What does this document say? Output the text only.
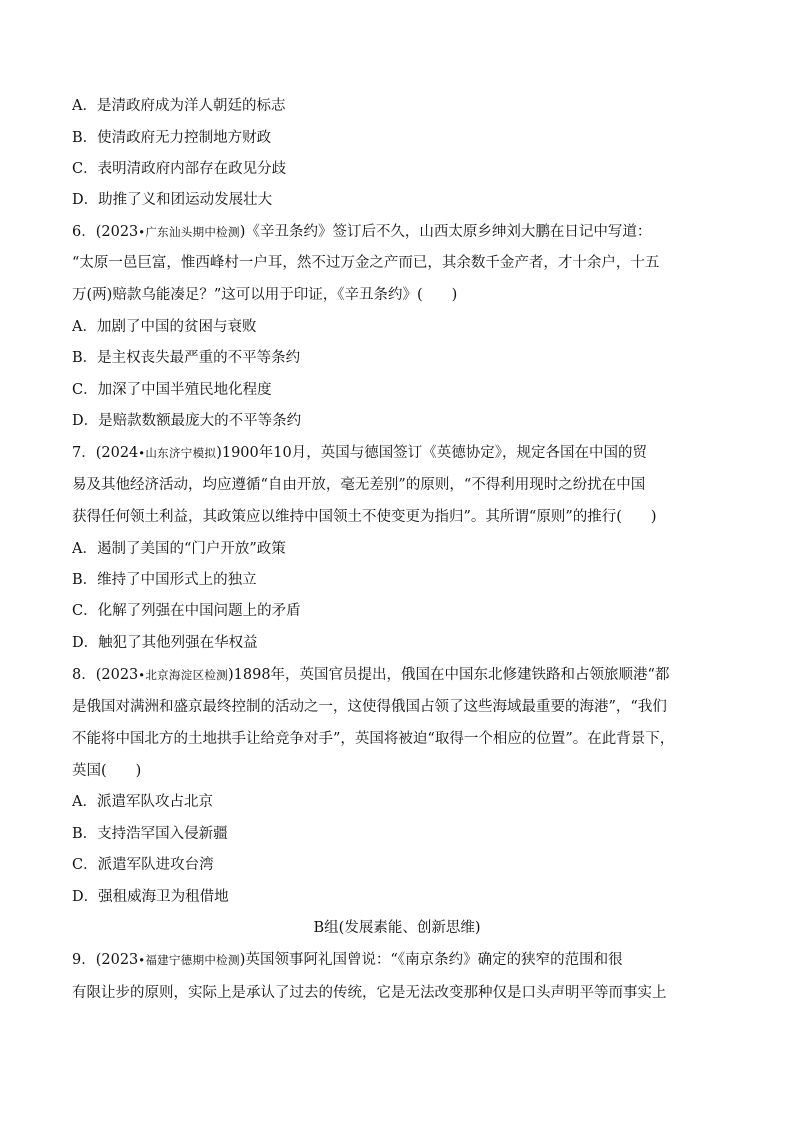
A．是清政府成为洋人朝廷的标志
B．使清政府无力控制地方财政
C．表明清政府内部存在政见分歧
D．助推了义和团运动发展壮大
6．(2023•广东汕头期中检测)《辛丑条约》签订后不久，山西太原乡绅刘大鹏在日记中写道：
“太原一邑巨富，惟西峰村一户耳，然不过万金之产而已，其余数千金产者，才十余户，十五
万(两)赔款乌能凑足？”这可以用于印证，《辛丑条约》(　　)
A．加剧了中国的贫困与衰败
B．是主权丧失最严重的不平等条约
C．加深了中国半殖民地化程度
D．是赔款数额最庞大的不平等条约
7．(2024•山东济宁模拟)1900年10月，英国与德国签订《英德协定》，规定各国在中国的贸
易及其他经济活动，均应遵循“自由开放，毫无差别”的原则，“不得利用现时之纷扰在中国
获得任何领土利益，其政策应以维持中国领土不使变更为指归”。其所谓“原则”的推行(　　)
A．遏制了美国的“门户开放”政策
B．维持了中国形式上的独立
C．化解了列强在中国问题上的矛盾
D．触犯了其他列强在华权益
8．(2023•北京海淀区检测)1898年，英国官员提出，俄国在中国东北修建铁路和占领旅顺港“都
是俄国对满洲和盛京最终控制的活动之一，这使得俄国占领了这些海域最重要的海港”，“我们
不能将中国北方的土地拱手让给竞争对手”，英国将被迫“取得一个相应的位置”。在此背景下，
英国(　　)
A．派遣军队攻占北京
B．支持浩罕国入侵新疆
C．派遣军队进攻台湾
D．强租威海卫为租借地
B组(发展素能、创新思维)
9．(2023•福建宁德期中检测)英国领事阿礼国曾说：“《南京条约》确定的狭窄的范围和很
有限让步的原则，实际上是承认了过去的传统，它是无法改变那种仅是口头声明平等而事实上
